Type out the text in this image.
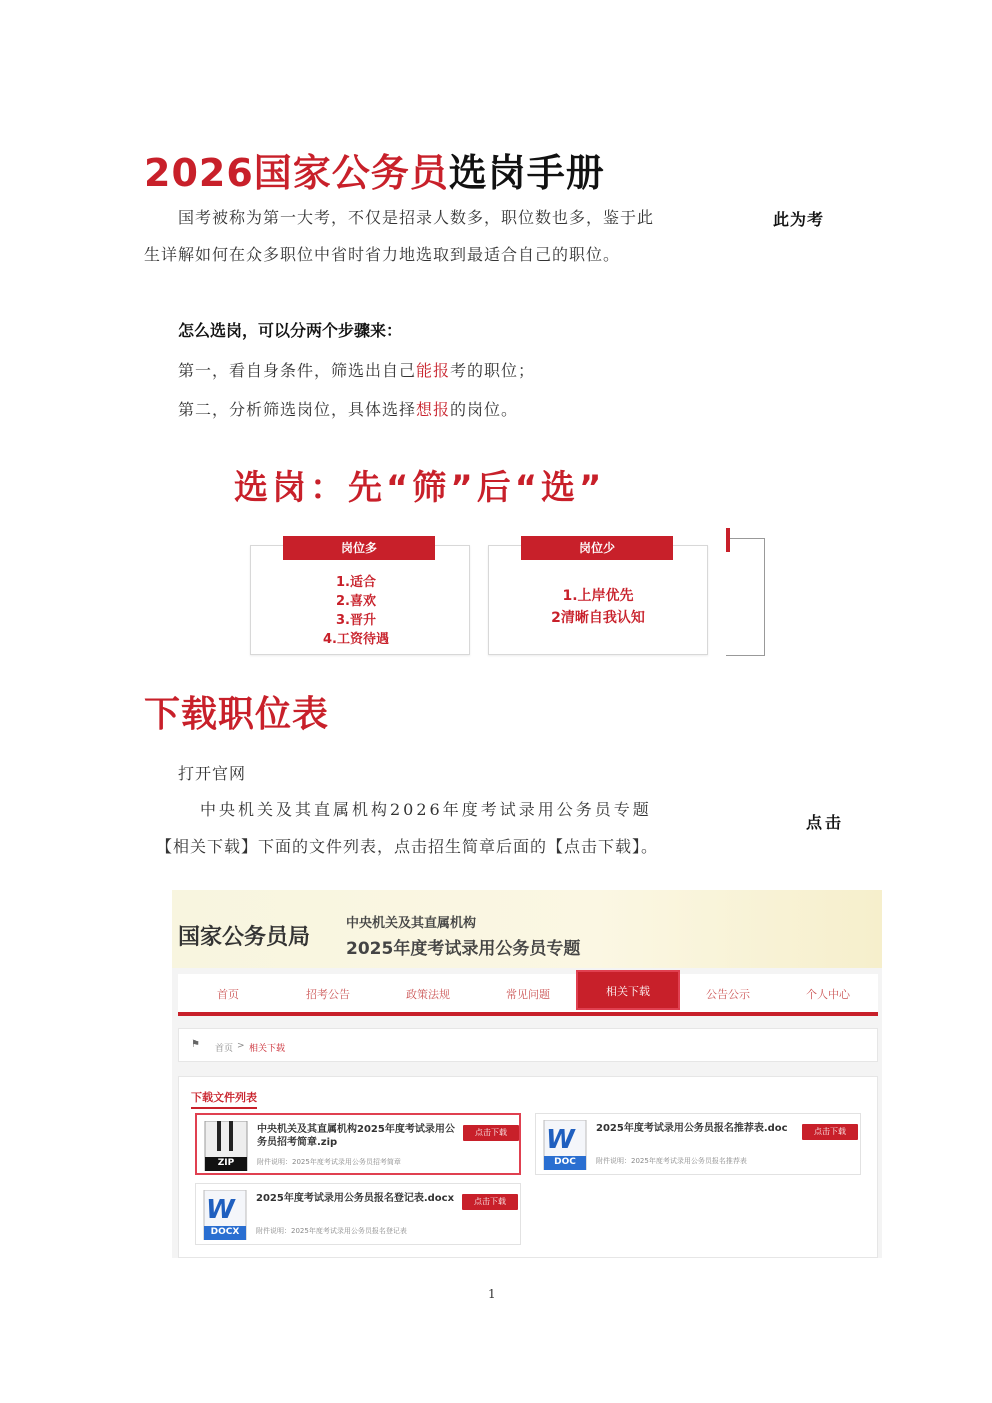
2026国家公务员选岗手册
国考被称为第一大考，不仅是招录人数多，职位数也多，鉴于此	此为考
生详解如何在众多职位中省时省力地选取到最适合自己的职位。
怎么选岗，可以分两个步骤来：
第一，看自身条件，筛选出自己能报考的职位；
第二，分析筛选岗位，具体选择想报的岗位。
选岗：先“筛”后“选”
岗位多
1.适合
2.喜欢
3.晋升
4.工资待遇
岗位少
1.上岸优先
2清晰自我认知
下载职位表
打开官网
中央机关及其直属机构2026年度考试录用公务员专题
点击
【相关下载】下面的文件列表，点击招生简章后面的【点击下载】。
国家公务员局
中央机关及其直属机构
2025年度考试录用公务员专题
首页	招考公告	政策法规	常见问题	相关下载	公告公示	个人中心
⚑ 首页 > 相关下载
下载文件列表
ZIP
中央机关及其直属机构2025年度考试录用公务员招考简章.zip
附件说明：2025年度考试录用公务员招考简章
点击下载	W
DOC
2025年度考试录用公务员报名推荐表.doc
附件说明：2025年度考试录用公务员报名推荐表
点击下载
W
DOCX
2025年度考试录用公务员报名登记表.docx
附件说明：2025年度考试录用公务员报名登记表
点击下载
1
